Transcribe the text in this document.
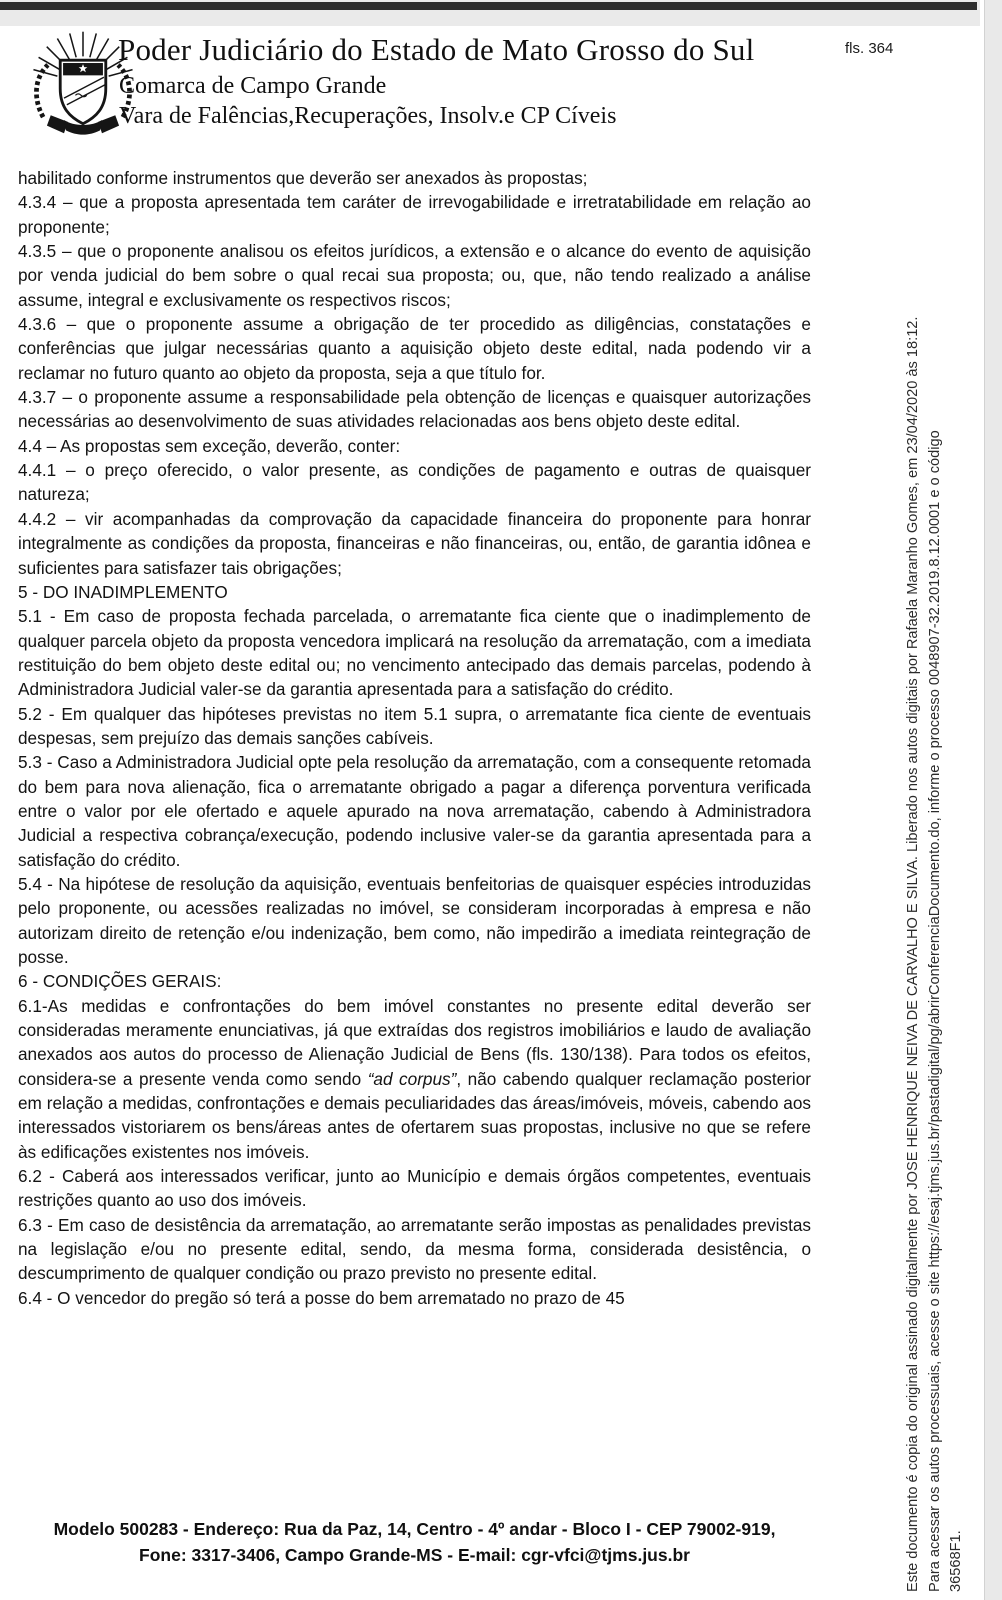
Poder Judiciário do Estado de Mato Grosso do Sul	fls. 364
Comarca de Campo Grande
Vara de Falências,Recuperações, Insolv.e CP Cíveis

habilitado conforme instrumentos que deverão ser anexados às propostas;

4.3.4 – que a proposta apresentada tem caráter de irrevogabilidade e irretratabilidade em relação ao proponente;

4.3.5 – que o proponente analisou os efeitos jurídicos, a extensão e o alcance do evento de aquisição por venda judicial do bem sobre o qual recai sua proposta; ou, que, não tendo realizado a análise assume, integral e exclusivamente os respectivos riscos;

4.3.6 – que o proponente assume a obrigação de ter procedido as diligências, constatações e conferências que julgar necessárias quanto a aquisição objeto deste edital, nada podendo vir a reclamar no futuro quanto ao objeto da proposta, seja a que título for.

4.3.7 – o proponente assume a responsabilidade pela obtenção de licenças e quaisquer autorizações necessárias ao desenvolvimento de suas atividades relacionadas aos bens objeto deste edital.

4.4 – As propostas sem exceção, deverão, conter:

4.4.1 – o preço oferecido, o valor presente, as condições de pagamento e outras de quaisquer natureza;

4.4.2 – vir acompanhadas da comprovação da capacidade financeira do proponente para honrar integralmente as condições da proposta, financeiras e não financeiras, ou, então, de garantia idônea e suficientes para satisfazer tais obrigações;

5 - DO INADIMPLEMENTO

5.1 - Em caso de proposta fechada parcelada, o arrematante fica ciente que o inadimplemento de qualquer parcela objeto da proposta vencedora implicará na resolução da arrematação, com a imediata restituição do bem objeto deste edital ou; no vencimento antecipado das demais parcelas, podendo à Administradora Judicial valer-se da garantia apresentada para a satisfação do crédito.

5.2 - Em qualquer das hipóteses previstas no item 5.1 supra, o arrematante fica ciente de eventuais despesas, sem prejuízo das demais sanções cabíveis.

5.3 - Caso a Administradora Judicial opte pela resolução da arrematação, com a consequente retomada do bem para nova alienação, fica o arrematante obrigado a pagar a diferença porventura verificada entre o valor por ele ofertado e aquele apurado na nova arrematação, cabendo à Administradora Judicial a respectiva cobrança/execução, podendo inclusive valer-se da garantia apresentada para a satisfação do crédito.

5.4 - Na hipótese de resolução da aquisição, eventuais benfeitorias de quaisquer espécies introduzidas pelo proponente, ou acessões realizadas no imóvel, se consideram incorporadas à empresa e não autorizam direito de retenção e/ou indenização, bem como, não impedirão a imediata reintegração de posse.

6 - CONDIÇÕES GERAIS:

6.1-As medidas e confrontações do bem imóvel constantes no presente edital deverão ser consideradas meramente enunciativas, já que extraídas dos registros imobiliários e laudo de avaliação anexados aos autos do processo de Alienação Judicial de Bens (fls. 130/138). Para todos os efeitos, considera-se a presente venda como sendo “ad corpus”, não cabendo qualquer reclamação posterior em relação a medidas, confrontações e demais peculiaridades das áreas/imóveis, móveis, cabendo aos interessados vistoriarem os bens/áreas antes de ofertarem suas propostas, inclusive no que se refere às edificações existentes nos imóveis.

6.2 - Caberá aos interessados verificar, junto ao Município e demais órgãos competentes, eventuais restrições quanto ao uso dos imóveis.

6.3 - Em caso de desistência da arrematação, ao arrematante serão impostas as penalidades previstas na legislação e/ou no presente edital, sendo, da mesma forma, considerada desistência, o descumprimento de qualquer condição ou prazo previsto no presente edital.

6.4 - O vencedor do pregão só terá a posse do bem arrematado no prazo de 45

Modelo 500283 - Endereço: Rua da Paz, 14, Centro - 4º andar - Bloco I - CEP 79002-919,
Fone: 3317-3406, Campo Grande-MS - E-mail: cgr-vfci@tjms.jus.br	Este documento é copia do original assinado digitalmente por JOSE HENRIQUE NEIVA DE CARVALHO E SILVA. Liberado nos autos digitais por Rafaela Maranho Gomes, em 23/04/2020 às 18:12. Para acessar os autos processuais, acesse o site https://esaj.tjms.jus.br/pastadigital/pg/abrirConferenciaDocumento.do, informe o processo 0048907-32.2019.8.12.0001 e o código 36568F1.
